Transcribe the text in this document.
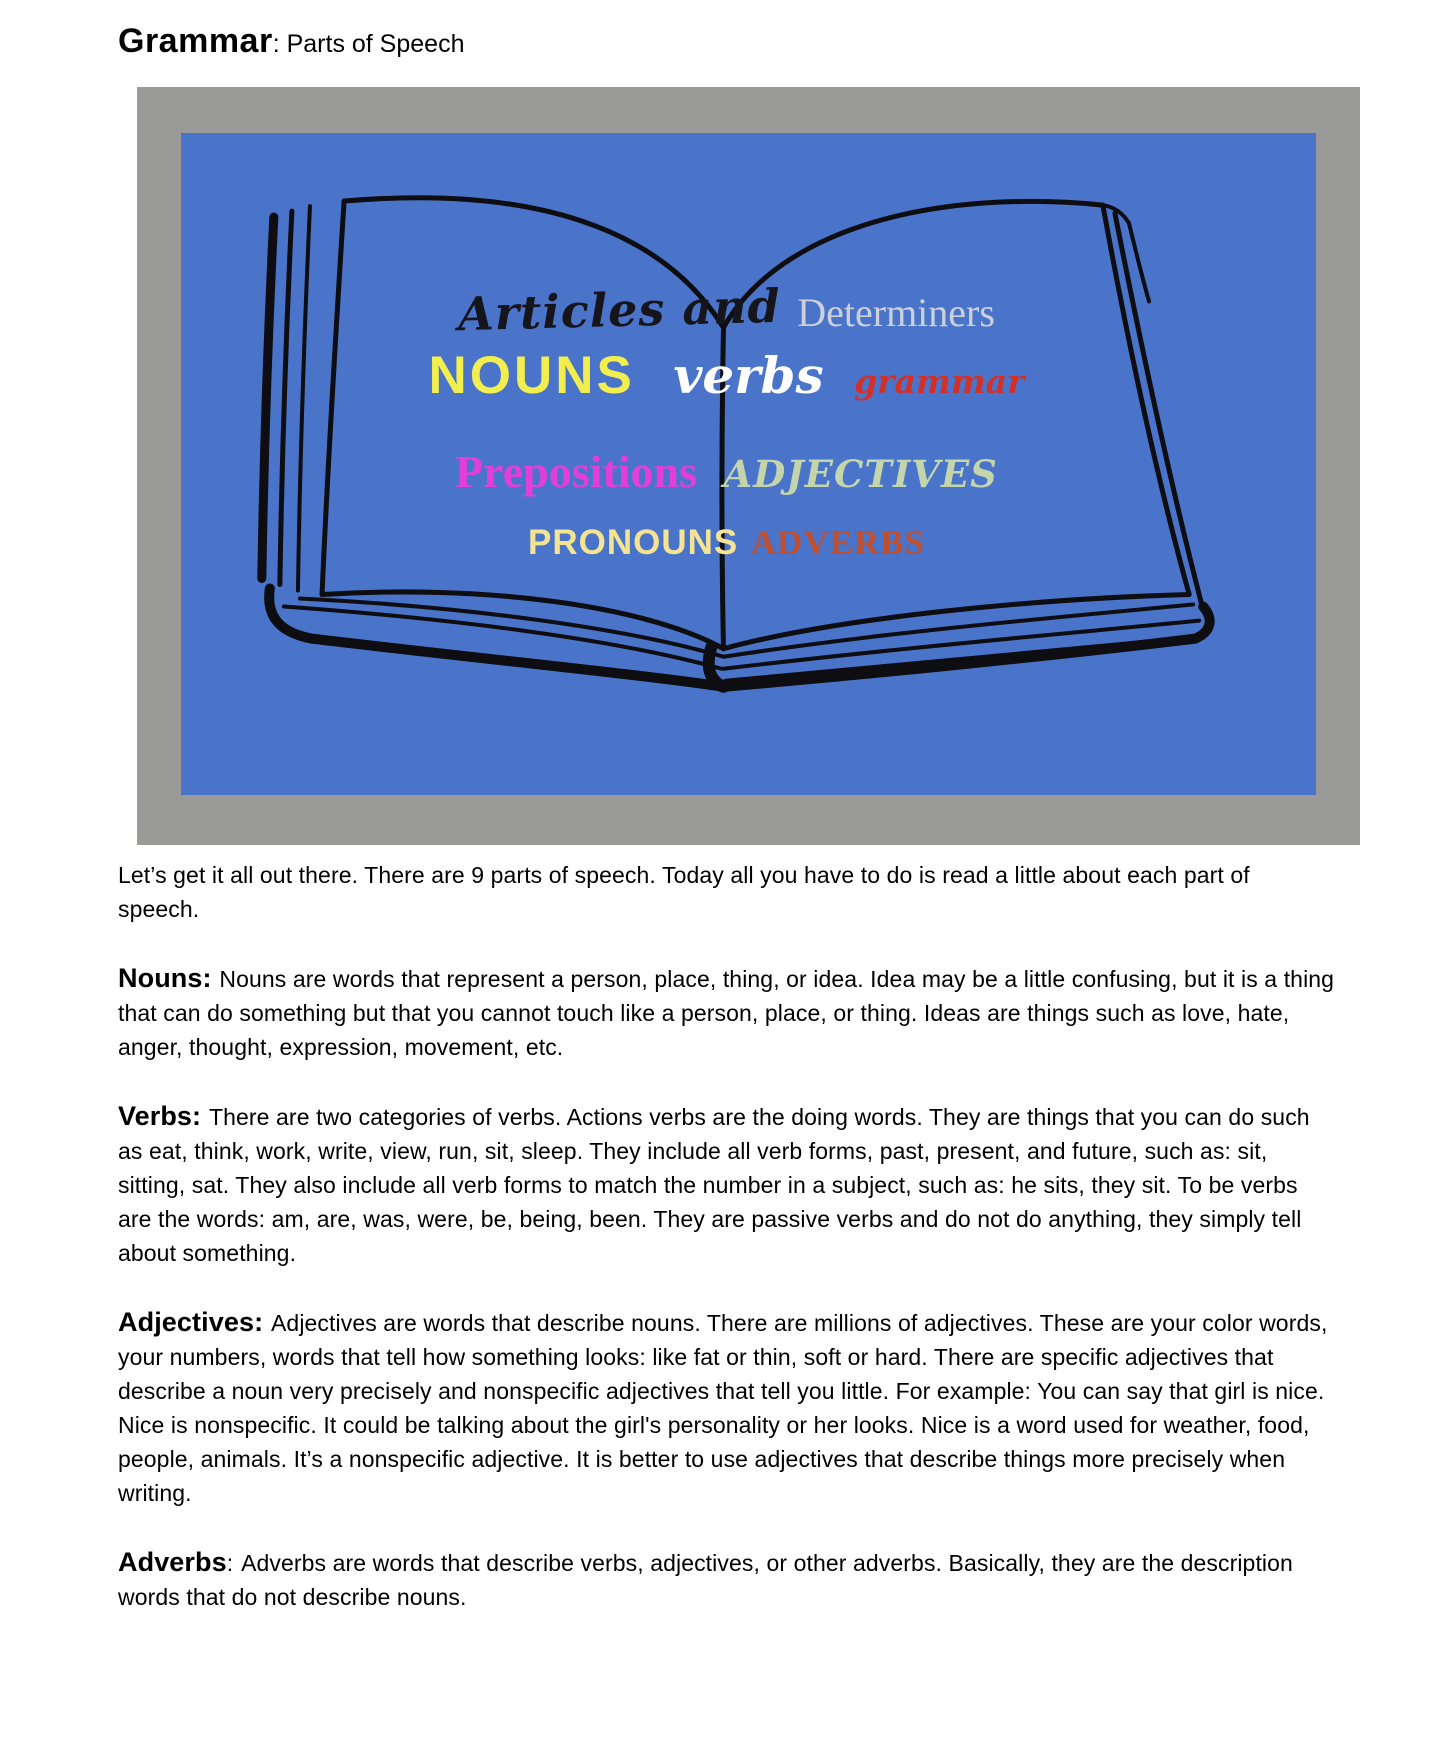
Grammar: Parts of Speech
Articles and Determiners
NOUNS verbs grammar
Prepositions ADJECTIVES
PRONOUNS ADVERBS

Let’s get it all out there. There are 9 parts of speech. Today all you have to do is read a little about each part of speech.

Nouns: Nouns are words that represent a person, place, thing, or idea. Idea may be a little confusing, but it is a thing that can do something but that you cannot touch like a person, place, or thing. Ideas are things such as love, hate, anger, thought, expression, movement, etc.

Verbs: There are two categories of verbs. Actions verbs are the doing words. They are things that you can do such as eat, think, work, write, view, run, sit, sleep. They include all verb forms, past, present, and future, such as: sit, sitting, sat. They also include all verb forms to match the number in a subject, such as: he sits, they sit. To be verbs are the words: am, are, was, were, be, being, been. They are passive verbs and do not do anything, they simply tell about something.

Adjectives: Adjectives are words that describe nouns. There are millions of adjectives. These are your color words, your numbers, words that tell how something looks: like fat or thin, soft or hard. There are specific adjectives that describe a noun very precisely and nonspecific adjectives that tell you little. For example: You can say that girl is nice. Nice is nonspecific. It could be talking about the girl's personality or her looks. Nice is a word used for weather, food, people, animals. It’s a nonspecific adjective. It is better to use adjectives that describe things more precisely when writing.

Adverbs: Adverbs are words that describe verbs, adjectives, or other adverbs. Basically, they are the description words that do not describe nouns.
